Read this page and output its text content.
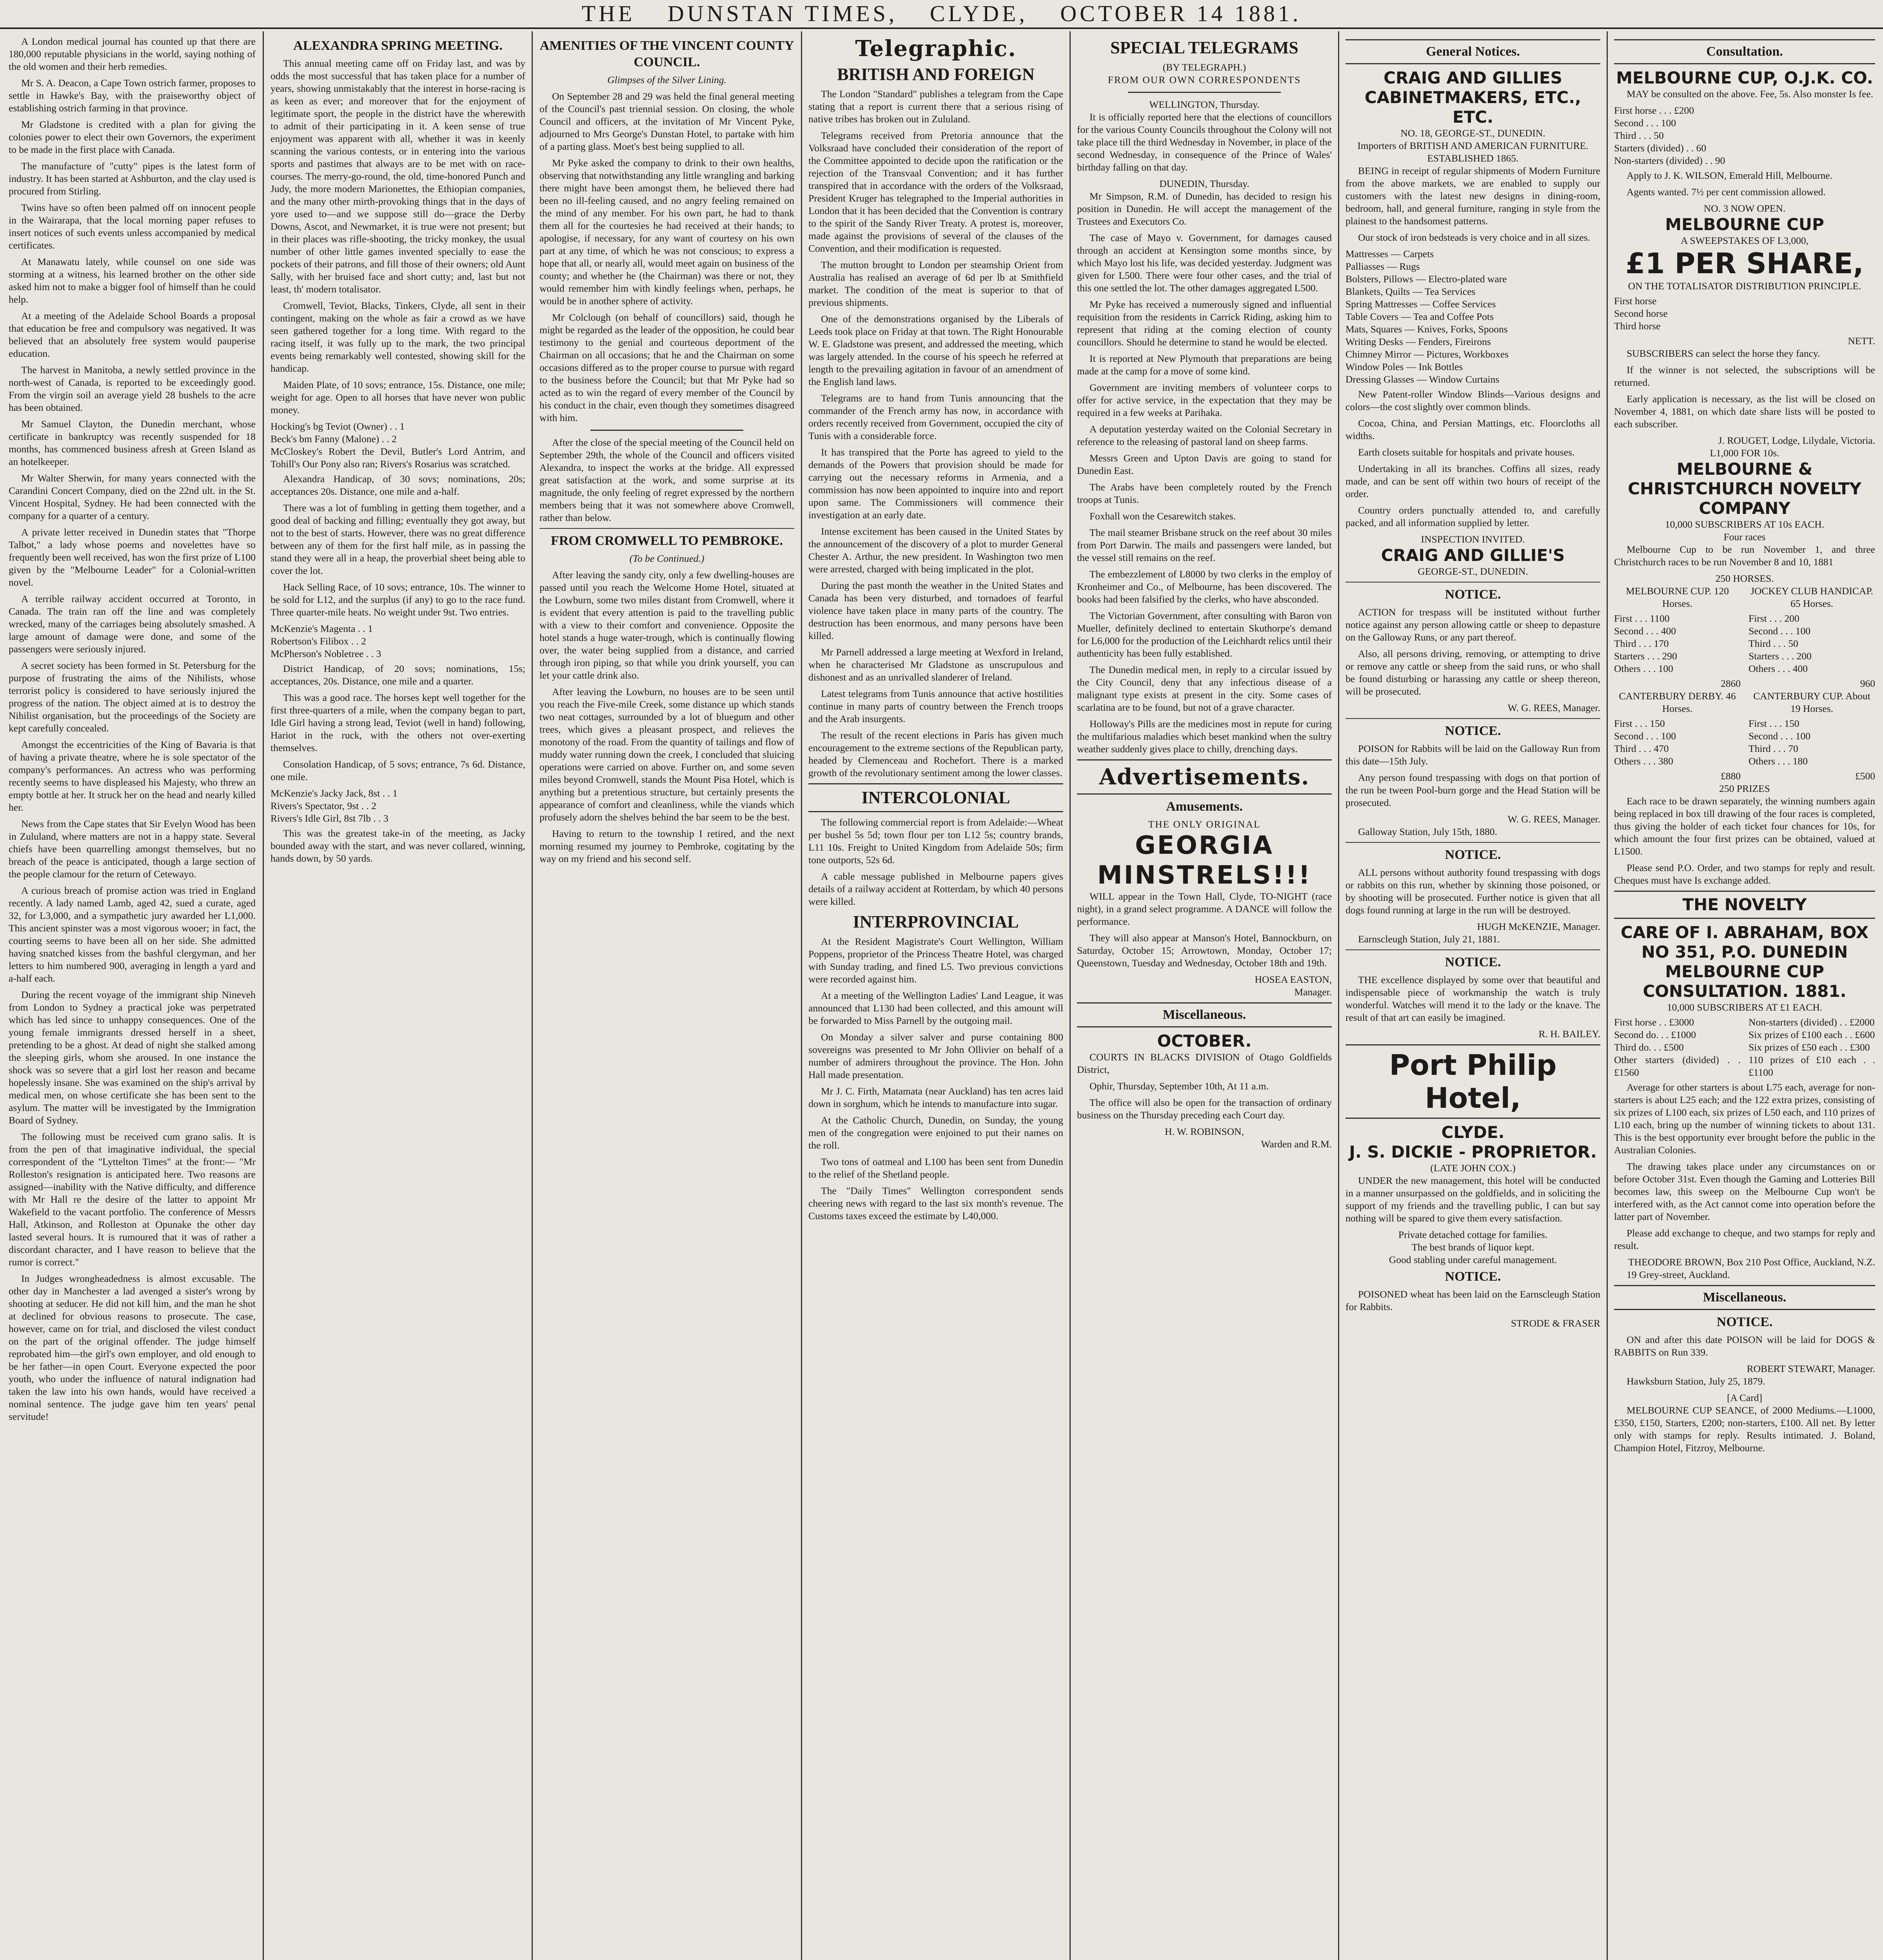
THE DUNSTAN TIMES, CLYDE, OCTOBER 14 1881.

A London medical journal has counted up that there are 180,000 reputable physicians in the world, saying nothing of the old women and their herb remedies.

Mr S. A. Deacon, a Cape Town ostrich farmer, proposes to settle in Hawke's Bay, with the praiseworthy object of establishing ostrich farming in that province.

Mr Gladstone is credited with a plan for giving the colonies power to elect their own Governors, the experiment to be made in the first place with Canada.

The manufacture of "cutty" pipes is the latest form of industry. It has been started at Ashburton, and the clay used is procured from Stirling.

Twins have so often been palmed off on innocent people in the Wairarapa, that the local morning paper refuses to insert notices of such events unless accompanied by medical certificates.

At Manawatu lately, while counsel on one side was storming at a witness, his learned brother on the other side asked him not to make a bigger fool of himself than he could help.

At a meeting of the Adelaide School Boards a proposal that education be free and compulsory was negatived. It was believed that an absolutely free system would pauperise education.

The harvest in Manitoba, a newly settled province in the north-west of Canada, is reported to be exceedingly good. From the virgin soil an average yield 28 bushels to the acre has been obtained.

Mr Samuel Clayton, the Dunedin merchant, whose certificate in bankruptcy was recently suspended for 18 months, has commenced business afresh at Green Island as an hotelkeeper.

Mr Walter Sherwin, for many years connected with the Carandini Concert Company, died on the 22nd ult. in the St. Vincent Hospital, Sydney. He had been connected with the company for a quarter of a century.

A private letter received in Dunedin states that "Thorpe Talbot," a lady whose poems and novelettes have so frequently been well received, has won the first prize of L100 given by the "Melbourne Leader" for a Colonial-written novel.

A terrible railway accident occurred at Toronto, in Canada. The train ran off the line and was completely wrecked, many of the carriages being absolutely smashed. A large amount of damage were done, and some of the passengers were seriously injured.

A secret society has been formed in St. Petersburg for the purpose of frustrating the aims of the Nihilists, whose terrorist policy is considered to have seriously injured the progress of the nation. The object aimed at is to destroy the Nihilist organisation, but the proceedings of the Society are kept carefully concealed.

Amongst the eccentricities of the King of Bavaria is that of having a private theatre, where he is sole spectator of the company's performances. An actress who was performing recently seems to have displeased his Majesty, who threw an empty bottle at her. It struck her on the head and nearly killed her.

News from the Cape states that Sir Evelyn Wood has been in Zululand, where matters are not in a happy state. Several chiefs have been quarrelling amongst themselves, but no breach of the peace is anticipated, though a large section of the people clamour for the return of Cetewayo.

A curious breach of promise action was tried in England recently. A lady named Lamb, aged 42, sued a curate, aged 32, for L3,000, and a sympathetic jury awarded her L1,000. This ancient spinster was a most vigorous wooer; in fact, the courting seems to have been all on her side. She admitted having snatched kisses from the bashful clergyman, and her letters to him numbered 900, averaging in length a yard and a-half each.

During the recent voyage of the immigrant ship Nineveh from London to Sydney a practical joke was perpetrated which has led since to unhappy consequences. One of the young female immigrants dressed herself in a sheet, pretending to be a ghost. At dead of night she stalked among the sleeping girls, whom she aroused. In one instance the shock was so severe that a girl lost her reason and became hopelessly insane. She was examined on the ship's arrival by medical men, on whose certificate she has been sent to the asylum. The matter will be investigated by the Immigration Board of Sydney.

The following must be received cum grano salis. It is from the pen of that imaginative individual, the special correspondent of the "Lyttelton Times" at the front:— "Mr Rolleston's resignation is anticipated here. Two reasons are assigned—inability with the Native difficulty, and difference with Mr Hall re the desire of the latter to appoint Mr Wakefield to the vacant portfolio. The conference of Messrs Hall, Atkinson, and Rolleston at Opunake the other day lasted several hours. It is rumoured that it was of rather a discordant character, and I have reason to believe that the rumor is correct."

In Judges wrongheadedness is almost excusable. The other day in Manchester a lad avenged a sister's wrong by shooting at seducer. He did not kill him, and the man he shot at declined for obvious reasons to prosecute. The case, however, came on for trial, and disclosed the vilest conduct on the part of the original offender. The judge himself reprobated him—the girl's own employer, and old enough to be her father—in open Court. Everyone expected the poor youth, who under the influence of natural indignation had taken the law into his own hands, would have received a nominal sentence. The judge gave him ten years' penal servitude!

ALEXANDRA SPRING MEETING.

This annual meeting came off on Friday last, and was by odds the most successful that has taken place for a number of years, showing unmistakably that the interest in horse-racing is as keen as ever; and moreover that for the enjoyment of legitimate sport, the people in the district have the wherewith to admit of their participating in it. A keen sense of true enjoyment was apparent with all, whether it was in keenly scanning the various contests, or in entering into the various sports and pastimes that always are to be met with on race-courses. The merry-go-round, the old, time-honored Punch and Judy, the more modern Marionettes, the Ethiopian companies, and the many other mirth-provoking things that in the days of yore used to—and we suppose still do—grace the Derby Downs, Ascot, and Newmarket, it is true were not present; but in their places was rifle-shooting, the tricky monkey, the usual number of other little games invented specially to ease the pockets of their patrons, and fill those of their owners; old Aunt Sally, with her bruised face and short cutty; and, last but not least, th' modern totalisator.

Cromwell, Teviot, Blacks, Tinkers, Clyde, all sent in their contingent, making on the whole as fair a crowd as we have seen gathered together for a long time. With regard to the racing itself, it was fully up to the mark, the two principal events being remarkably well contested, showing skill for the handicap.

Maiden Plate, of 10 sovs; entrance, 15s. Distance, one mile; weight for age. Open to all horses that have never won public money.

Hocking's bg Teviot (Owner) . . 1
Beck's bm Fanny (Malone) . . 2
McCloskey's Robert the Devil, Butler's Lord Antrim, and Tohill's Our Pony also ran; Rivers's Rosarius was scratched.

Alexandra Handicap, of 30 sovs; nominations, 20s; acceptances 20s. Distance, one mile and a-half.

There was a lot of fumbling in getting them together, and a good deal of backing and filling; eventually they got away, but not to the best of starts. However, there was no great difference between any of them for the first half mile, as in passing the stand they were all in a heap, the proverbial sheet being able to cover the lot.

Hack Selling Race, of 10 sovs; entrance, 10s. The winner to be sold for L12, and the surplus (if any) to go to the race fund. Three quarter-mile heats. No weight under 9st. Two entries.

McKenzie's Magenta . . 1
Robertson's Filibox . . 2
McPherson's Nobletree . . 3

District Handicap, of 20 sovs; nominations, 15s; acceptances, 20s. Distance, one mile and a quarter.

This was a good race. The horses kept well together for the first three-quarters of a mile, when the company began to part, Idle Girl having a strong lead, Teviot (well in hand) following, Hariot in the ruck, with the others not over-exerting themselves.

Consolation Handicap, of 5 sovs; entrance, 7s 6d. Distance, one mile.

McKenzie's Jacky Jack, 8st . . 1
Rivers's Spectator, 9st . . 2
Rivers's Idle Girl, 8st 7lb . . 3

This was the greatest take-in of the meeting, as Jacky bounded away with the start, and was never collared, winning, hands down, by 50 yards.

AMENITIES OF THE VINCENT COUNTY COUNCIL.
Glimpses of the Silver Lining.

On September 28 and 29 was held the final general meeting of the Council's past triennial session. On closing, the whole Council and officers, at the invitation of Mr Vincent Pyke, adjourned to Mrs George's Dunstan Hotel, to partake with him of a parting glass. Moet's best being supplied to all.

Mr Pyke asked the company to drink to their own healths, observing that notwithstanding any little wrangling and barking there might have been amongst them, he believed there had been no ill-feeling caused, and no angry feeling remained on the mind of any member. For his own part, he had to thank them all for the courtesies he had received at their hands; to apologise, if necessary, for any want of courtesy on his own part at any time, of which he was not conscious; to express a hope that all, or nearly all, would meet again on business of the county; and whether he (the Chairman) was there or not, they would remember him with kindly feelings when, perhaps, he would be in another sphere of activity.

Mr Colclough (on behalf of councillors) said, though he might be regarded as the leader of the opposition, he could bear testimony to the genial and courteous deportment of the Chairman on all occasions; that he and the Chairman on some occasions differed as to the proper course to pursue with regard to the business before the Council; but that Mr Pyke had so acted as to win the regard of every member of the Council by his conduct in the chair, even though they sometimes disagreed with him.

After the close of the special meeting of the Council held on September 29th, the whole of the Council and officers visited Alexandra, to inspect the works at the bridge. All expressed great satisfaction at the work, and some surprise at its magnitude, the only feeling of regret expressed by the northern members being that it was not somewhere above Cromwell, rather than below.

FROM CROMWELL TO PEMBROKE.
(To be Continued.)

After leaving the sandy city, only a few dwelling-houses are passed until you reach the Welcome Home Hotel, situated at the Lowburn, some two miles distant from Cromwell, where it is evident that every attention is paid to the travelling public with a view to their comfort and convenience. Opposite the hotel stands a huge water-trough, which is continually flowing over, the water being supplied from a distance, and carried through iron piping, so that while you drink yourself, you can let your cattle drink also.

After leaving the Lowburn, no houses are to be seen until you reach the Five-mile Creek, some distance up which stands two neat cottages, surrounded by a lot of bluegum and other trees, which gives a pleasant prospect, and relieves the monotony of the road. From the quantity of tailings and flow of muddy water running down the creek, I concluded that sluicing operations were carried on above. Further on, and some seven miles beyond Cromwell, stands the Mount Pisa Hotel, which is anything but a pretentious structure, but certainly presents the appearance of comfort and cleanliness, while the viands which profusely adorn the shelves behind the bar seem to be the best.

Having to return to the township I retired, and the next morning resumed my journey to Pembroke, cogitating by the way on my friend and his second self.

Telegraphic.
BRITISH AND FOREIGN

The London "Standard" publishes a telegram from the Cape stating that a report is current there that a serious rising of native tribes has broken out in Zululand.

Telegrams received from Pretoria announce that the Volksraad have concluded their consideration of the report of the Committee appointed to decide upon the ratification or the rejection of the Transvaal Convention; and it has further transpired that in accordance with the orders of the Volksraad, President Kruger has telegraphed to the Imperial authorities in London that it has been decided that the Convention is contrary to the spirit of the Sandy River Treaty. A protest is, moreover, made against the provisions of several of the clauses of the Convention, and their modification is requested.

The mutton brought to London per steamship Orient from Australia has realised an average of 6d per lb at Smithfield market. The condition of the meat is superior to that of previous shipments.

One of the demonstrations organised by the Liberals of Leeds took place on Friday at that town. The Right Honourable W. E. Gladstone was present, and addressed the meeting, which was largely attended. In the course of his speech he referred at length to the prevailing agitation in favour of an amendment of the English land laws.

Telegrams are to hand from Tunis announcing that the commander of the French army has now, in accordance with orders recently received from Government, occupied the city of Tunis with a considerable force.

It has transpired that the Porte has agreed to yield to the demands of the Powers that provision should be made for carrying out the necessary reforms in Armenia, and a commission has now been appointed to inquire into and report upon same. The Commissioners will commence their investigation at an early date.

Intense excitement has been caused in the United States by the announcement of the discovery of a plot to murder General Chester A. Arthur, the new president. In Washington two men were arrested, charged with being implicated in the plot.

During the past month the weather in the United States and Canada has been very disturbed, and tornadoes of fearful violence have taken place in many parts of the country. The destruction has been enormous, and many persons have been killed.

Mr Parnell addressed a large meeting at Wexford in Ireland, when he characterised Mr Gladstone as unscrupulous and dishonest and as an unrivalled slanderer of Ireland.

Latest telegrams from Tunis announce that active hostilities continue in many parts of country between the French troops and the Arab insurgents.

The result of the recent elections in Paris has given much encouragement to the extreme sections of the Republican party, headed by Clemenceau and Rochefort. There is a marked growth of the revolutionary sentiment among the lower classes.

INTERCOLONIAL

The following commercial report is from Adelaide:—Wheat per bushel 5s 5d; town flour per ton L12 5s; country brands, L11 10s. Freight to United Kingdom from Adelaide 50s; firm tone outports, 52s 6d.

A cable message published in Melbourne papers gives details of a railway accident at Rotterdam, by which 40 persons were killed.

INTERPROVINCIAL

At the Resident Magistrate's Court Wellington, William Poppens, proprietor of the Princess Theatre Hotel, was charged with Sunday trading, and fined L5. Two previous convictions were recorded against him.

At a meeting of the Wellington Ladies' Land League, it was announced that L130 had been collected, and this amount will be forwarded to Miss Parnell by the outgoing mail.

On Monday a silver salver and purse containing 800 sovereigns was presented to Mr John Ollivier on behalf of a number of admirers throughout the province. The Hon. John Hall made presentation.

Mr J. C. Firth, Matamata (near Auckland) has ten acres laid down in sorghum, which he intends to manufacture into sugar.

At the Catholic Church, Dunedin, on Sunday, the young men of the congregation were enjoined to put their names on the roll.

Two tons of oatmeal and L100 has been sent from Dunedin to the relief of the Shetland people.

The "Daily Times" Wellington correspondent sends cheering news with regard to the last six month's revenue. The Customs taxes exceed the estimate by L40,000.

SPECIAL TELEGRAMS
(BY TELEGRAPH.)
FROM OUR OWN CORRESPONDENTS
WELLINGTON, Thursday.

It is officially reported here that the elections of councillors for the various County Councils throughout the Colony will not take place till the third Wednesday in November, in place of the second Wednesday, in consequence of the Prince of Wales' birthday falling on that day.

DUNEDIN, Thursday.

Mr Simpson, R.M. of Dunedin, has decided to resign his position in Dunedin. He will accept the management of the Trustees and Executors Co.

The case of Mayo v. Government, for damages caused through an accident at Kensington some months since, by which Mayo lost his life, was decided yesterday. Judgment was given for L500. There were four other cases, and the trial of this one settled the lot. The other damages aggregated L500.

Mr Pyke has received a numerously signed and influential requisition from the residents in Carrick Riding, asking him to represent that riding at the coming election of county councillors. Should he determine to stand he would be elected.

It is reported at New Plymouth that preparations are being made at the camp for a move of some kind.

Government are inviting members of volunteer corps to offer for active service, in the expectation that they may be required in a few weeks at Parihaka.

A deputation yesterday waited on the Colonial Secretary in reference to the releasing of pastoral land on sheep farms.

Messrs Green and Upton Davis are going to stand for Dunedin East.

The Arabs have been completely routed by the French troops at Tunis.

Foxhall won the Cesarewitch stakes.

The mail steamer Brisbane struck on the reef about 30 miles from Port Darwin. The mails and passengers were landed, but the vessel still remains on the reef.

The embezzlement of L8000 by two clerks in the employ of Kronheimer and Co., of Melbourne, has been discovered. The books had been falsified by the clerks, who have absconded.

The Victorian Government, after consulting with Baron von Mueller, definitely declined to entertain Skuthorpe's demand for L6,000 for the production of the Leichhardt relics until their authenticity has been fully established.

The Dunedin medical men, in reply to a circular issued by the City Council, deny that any infectious disease of a malignant type exists at present in the city. Some cases of scarlatina are to be found, but not of a grave character.

Holloway's Pills are the medicines most in repute for curing the multifarious maladies which beset mankind when the sultry weather suddenly gives place to chilly, drenching days.

Advertisements.
Amusements.
THE ONLY ORIGINAL
GEORGIA
MINSTRELS!!!

WILL appear in the Town Hall, Clyde, TO-NIGHT (race night), in a grand select programme. A DANCE will follow the performance.

They will also appear at Manson's Hotel, Bannockburn, on Saturday, October 15; Arrowtown, Monday, October 17; Queenstown, Tuesday and Wednesday, October 18th and 19th.

HOSEA EASTON,
Manager.
Miscellaneous.
OCTOBER.

COURTS IN BLACKS DIVISION of Otago Goldfields District,

Ophir, Thursday, September 10th, At 11 a.m.

The office will also be open for the transaction of ordinary business on the Thursday preceding each Court day.

H. W. ROBINSON,
Warden and R.M.
General Notices.
CRAIG AND GILLIES
CABINETMAKERS, ETC., ETC.
NO. 18, GEORGE-ST., DUNEDIN.
Importers of BRITISH AND AMERICAN FURNITURE.
ESTABLISHED 1865.

BEING in receipt of regular shipments of Modern Furniture from the above markets, we are enabled to supply our customers with the latest new designs in dining-room, bedroom, hall, and general furniture, ranging in style from the plainest to the handsomest patterns.

Our stock of iron bedsteads is very choice and in all sizes.

Mattresses — Carpets
Palliasses — Rugs
Bolsters, Pillows — Electro-plated ware
Blankets, Quilts — Tea Services
Spring Mattresses — Coffee Services
Table Covers — Tea and Coffee Pots
Mats, Squares — Knives, Forks, Spoons
Writing Desks — Fenders, Fireirons
Chimney Mirror — Pictures, Workboxes
Window Poles — Ink Bottles
Dressing Glasses — Window Curtains

New Patent-roller Window Blinds—Various designs and colors—the cost slightly over common blinds.

Cocoa, China, and Persian Mattings, etc. Floorcloths all widths.

Earth closets suitable for hospitals and private houses.

Undertaking in all its branches. Coffins all sizes, ready made, and can be sent off within two hours of receipt of the order.

Country orders punctually attended to, and carefully packed, and all information supplied by letter.

INSPECTION INVITED.
CRAIG AND GILLIE'S
GEORGE-ST., DUNEDIN.
NOTICE.

ACTION for trespass will be instituted without further notice against any person allowing cattle or sheep to depasture on the Galloway Runs, or any part thereof.

Also, all persons driving, removing, or attempting to drive or remove any cattle or sheep from the said runs, or who shall be found disturbing or harassing any cattle or sheep thereon, will be prosecuted.

W. G. REES, Manager.
NOTICE.

POISON for Rabbits will be laid on the Galloway Run from this date—15th July.

Any person found trespassing with dogs on that portion of the run be tween Pool-burn gorge and the Head Station will be prosecuted.

W. G. REES, Manager.

Galloway Station, July 15th, 1880.

NOTICE.

ALL persons without authority found trespassing with dogs or rabbits on this run, whether by skinning those poisoned, or by shooting will be prosecuted. Further notice is given that all dogs found running at large in the run will be destroyed.

HUGH McKENZIE, Manager.

Earnscleugh Station, July 21, 1881.

NOTICE.

THE excellence displayed by some over that beautiful and indispensable piece of workmanship the watch is truly wonderful. Watches will mend it to the lady or the knave. The result of that art can easily be imagined.

R. H. BAILEY.
Port Philip Hotel,
CLYDE.
J. S. DICKIE - PROPRIETOR.
(LATE JOHN COX.)

UNDER the new management, this hotel will be conducted in a manner unsurpassed on the goldfields, and in soliciting the support of my friends and the travelling public, I can but say nothing will be spared to give them every satisfaction.

Private detached cottage for families.
The best brands of liquor kept.
Good stabling under careful management.
NOTICE.

POISONED wheat has been laid on the Earnscleugh Station for Rabbits.

STRODE & FRASER
Consultation.
MELBOURNE CUP, O.J.K. CO.

MAY be consulted on the above. Fee, 5s. Also monster Is fee.

First horse . . . £200
Second . . . 100
Third . . . 50
Starters (divided) . . 60
Non-starters (divided) . . 90

Apply to J. K. WILSON, Emerald Hill, Melbourne.

Agents wanted. 7½ per cent commission allowed.

NO. 3 NOW OPEN.
MELBOURNE CUP
A SWEEPSTAKES OF L3,000,
£1 PER SHARE,
ON THE TOTALISATOR DISTRIBUTION PRINCIPLE.
First horse
Second horse
Third horse
NETT.

SUBSCRIBERS can select the horse they fancy.

If the winner is not selected, the subscriptions will be returned.

Early application is necessary, as the list will be closed on November 4, 1881, on which date share lists will be posted to each subscriber.

J. ROUGET, Lodge, Lilydale, Victoria.
L1,000 FOR 10s.
MELBOURNE & CHRISTCHURCH NOVELTY COMPANY
10,000 SUBSCRIBERS AT 10s EACH.
Four races

Melbourne Cup to be run November 1, and three Christchurch races to be run November 8 and 10, 1881

250 HORSES.
MELBOURNE CUP. 120 Horses.
First . . . 1100
Second . . . 400
Third . . . 170
Starters . . . 290
Others . . . 100
2860
CANTERBURY DERBY. 46 Horses.
First . . . 150
Second . . . 100
Third . . . 470
Others . . . 380
£880
JOCKEY CLUB HANDICAP. 65 Horses.
First . . . 200
Second . . . 100
Third . . . 50
Starters . . . 200
Others . . . 400
960
CANTERBURY CUP. About 19 Horses.
First . . . 150
Second . . . 100
Third . . . 70
Others . . . 180
£500
250 PRIZES

Each race to be drawn separately, the winning numbers again being replaced in box till drawing of the four races is completed, thus giving the holder of each ticket four chances for 10s, for which amount the four first prizes can be obtained, valued at L1500.

Please send P.O. Order, and two stamps for reply and result. Cheques must have Is exchange added.

THE NOVELTY
CARE OF I. ABRAHAM, BOX NO 351, P.O. DUNEDIN
MELBOURNE CUP CONSULTATION. 1881.
10,000 SUBSCRIBERS AT £1 EACH.
First horse . . £3000
Second do. . . £1000
Third do. . . £500
Other starters (divided) . . £1560
Non-starters (divided) . . £2000
Six prizes of £100 each . . £600
Six prizes of £50 each . . £300
110 prizes of £10 each . . £1100

Average for other starters is about L75 each, average for non-starters is about L25 each; and the 122 extra prizes, consisting of six prizes of L100 each, six prizes of L50 each, and 110 prizes of L10 each, bring up the number of winning tickets to about 131. This is the best opportunity ever brought before the public in the Australian Colonies.

The drawing takes place under any circumstances on or before October 31st. Even though the Gaming and Lotteries Bill becomes law, this sweep on the Melbourne Cup won't be interfered with, as the Act cannot come into operation before the latter part of November.

Please add exchange to cheque, and two stamps for reply and result.

THEODORE BROWN, Box 210 Post Office, Auckland, N.Z.

19 Grey-street, Auckland.

Miscellaneous.
NOTICE.

ON and after this date POISON will be laid for DOGS & RABBITS on Run 339.

ROBERT STEWART, Manager.

Hawksburn Station, July 25, 1879.

[A Card]

MELBOURNE CUP SEANCE, of 2000 Mediums.—L1000, £350, £150, Starters, £200; non-starters, £100. All net. By letter only with stamps for reply. Results intimated. J. Boland, Champion Hotel, Fitzroy, Melbourne.
